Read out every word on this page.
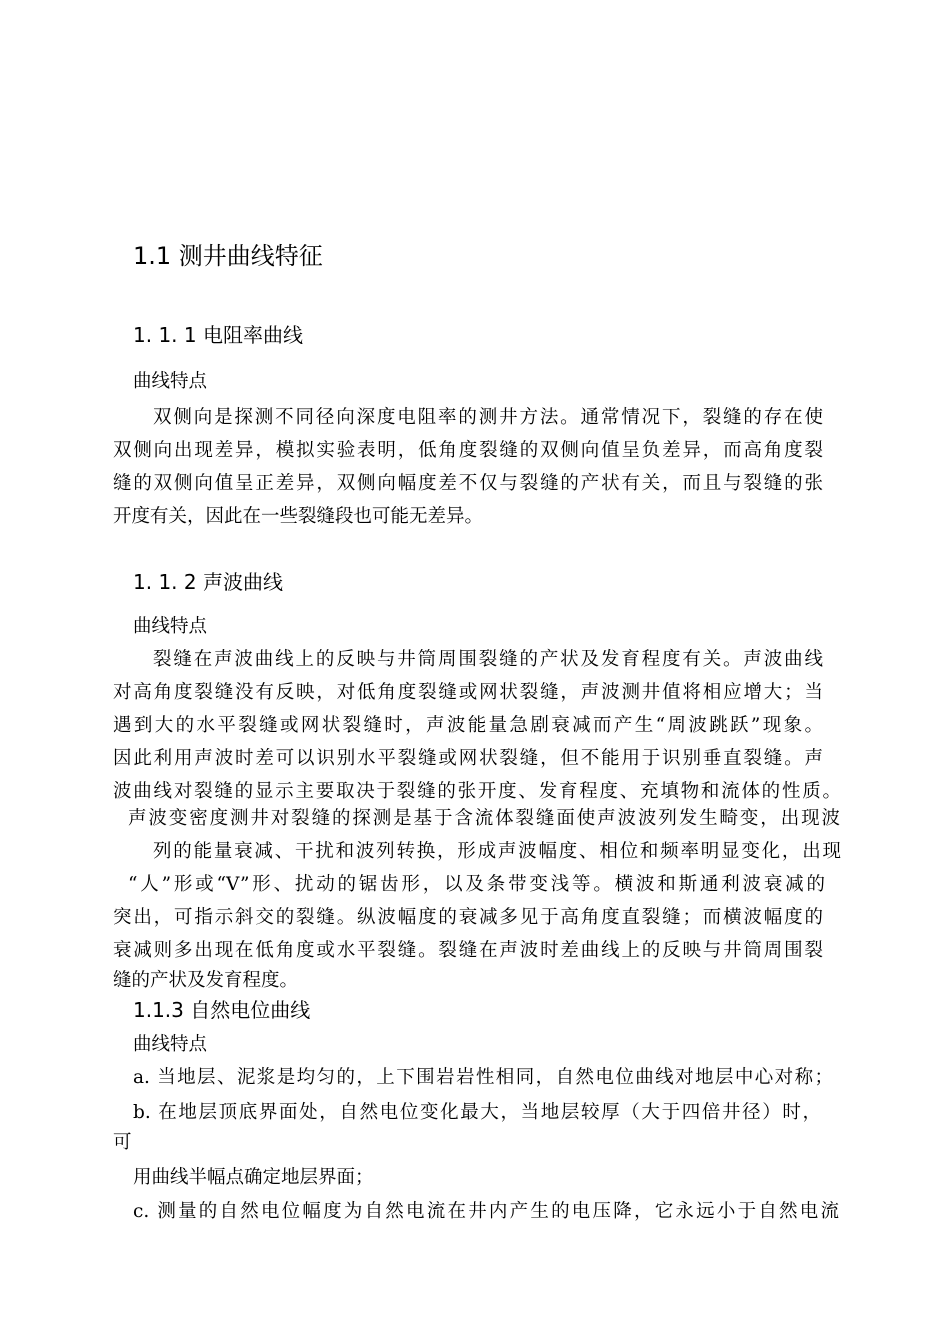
1.1 测井曲线特征
1. 1. 1 电阻率曲线
曲线特点
双侧向是探测不同径向深度电阻率的测井方法。通常情况下，裂缝的存在使
双侧向出现差异，模拟实验表明，低角度裂缝的双侧向值呈负差异，而高角度裂
缝的双侧向值呈正差异，双侧向幅度差不仅与裂缝的产状有关，而且与裂缝的张
开度有关，因此在一些裂缝段也可能无差异。
1. 1. 2 声波曲线
曲线特点
裂缝在声波曲线上的反映与井筒周围裂缝的产状及发育程度有关。声波曲线
对高角度裂缝没有反映，对低角度裂缝或网状裂缝，声波测井值将相应增大；当
遇到大的水平裂缝或网状裂缝时，声波能量急剧衰减而产生“周波跳跃”现象。
因此利用声波时差可以识别水平裂缝或网状裂缝，但不能用于识别垂直裂缝。声
波曲线对裂缝的显示主要取决于裂缝的张开度、发育程度、充填物和流体的性质。
声波变密度测井对裂缝的探测是基于含流体裂缝面使声波波列发生畸变，出现波
列的能量衰减、干扰和波列转换，形成声波幅度、相位和频率明显变化，出现
“人”形或“V”形、扰动的锯齿形，以及条带变浅等。横波和斯通利波衰减的
突出，可指示斜交的裂缝。纵波幅度的衰减多见于高角度直裂缝；而横波幅度的
衰减则多出现在低角度或水平裂缝。裂缝在声波时差曲线上的反映与井筒周围裂
缝的产状及发育程度。
1.1.3 自然电位曲线
曲线特点
a. 当地层、泥浆是均匀的，上下围岩岩性相同，自然电位曲线对地层中心对称；
b. 在地层顶底界面处，自然电位变化最大，当地层较厚（大于四倍井径）时，
可
用曲线半幅点确定地层界面；
c. 测量的自然电位幅度为自然电流在井内产生的电压降，它永远小于自然电流
